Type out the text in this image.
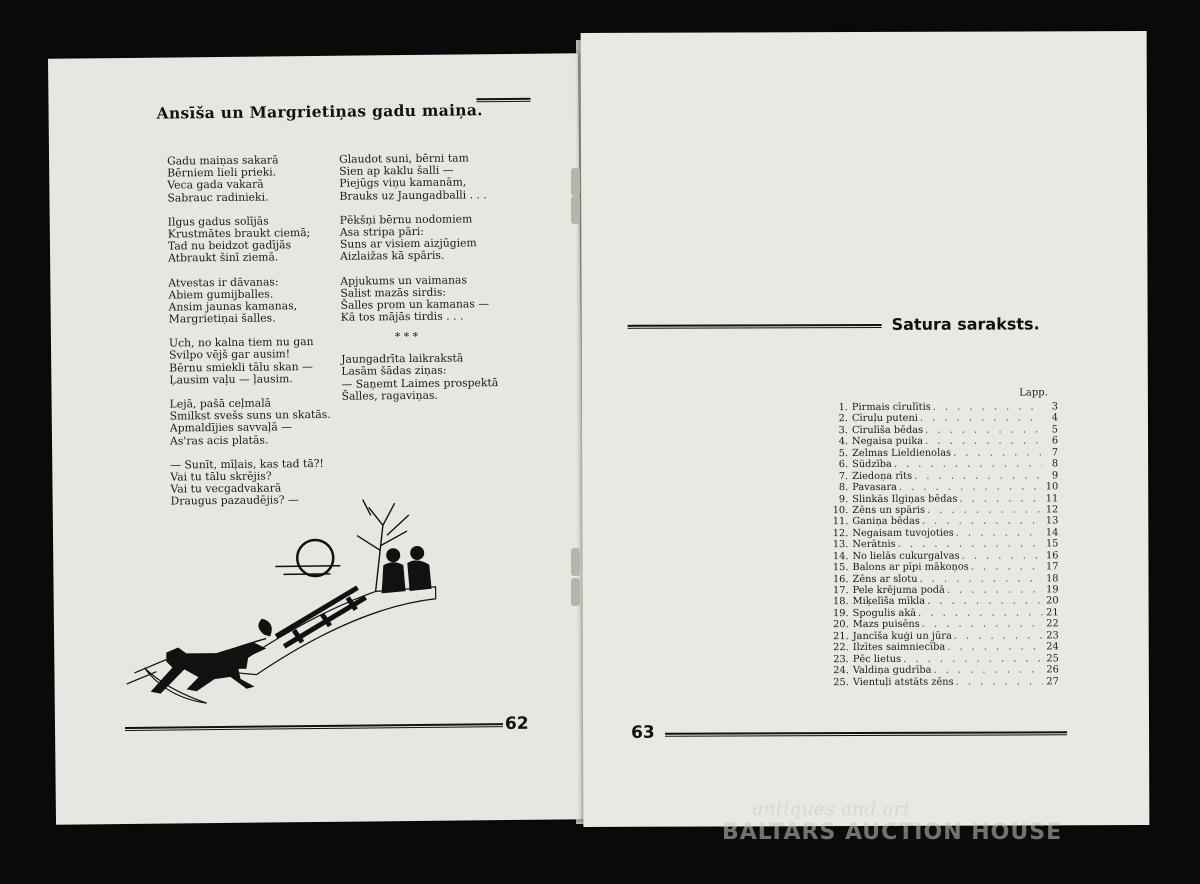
Ansīša un Margrietiņas gadu maiņa.
Gadu maiņas sakarā
Bērniem lieli prieki.
Veca gada vakarā
Sabrauc radinieki.
Ilgus gadus solījās
Krustmātes braukt ciemā;
Tad nu beidzot gadījās
Atbraukt šinī ziemā.
Atvestas ir dāvanas:
Abiem gumijballes.
Ansim jaunas kamanas,
Margrietiņai šalles.
Uch, no kalna tiem nu gan
Svilpo vējš gar ausim!
Bērnu smiekli tālu skan —
Ļausim vaļu — ļausim.
Lejā, pašā ceļmalā
Smilkst svešs suns un skatās.
Apmaldījies savvaļā —
As'ras acis platās.
— Sunīt, mīļais, kas tad tā?!
Vai tu tālu skrējis?
Vai tu vecgadvakarā
Draugus pazaudējis? —
Glaudot suni, bērni tam
Sien ap kaklu šalli —
Piejūgs viņu kamanām,
Brauks uz Jaungadballi . . .
Pēkšņi bērnu nodomiem
Asa stripa pāri:
Suns ar visiem aizjūgiem
Aizlaižas kā spāris.
Apjukums un vaimanas
Salist mazās sirdis:
Šalles prom un kamanas —
Kā tos mājās tirdis . . .
* * *
Jaungadrīta laikrakstā
Lasām šādas ziņas:
— Saņemt Laimes prospektā
Šalles, ragaviņas.
62
Satura saraksts.
Lapp.
1. Pirmais cīrulītis . . .	3
2. Cīruļu puteni . . .	4
3. Cīrulīša bēdas . . .	5
4. Negaisa puika . . .	6
5. Zelmas Lieldienolas . . .	7
6. Sūdzība . . .	8
7. Ziedoņa rīts . . .	9
8. Pavasara . . .	10
9. Slinkās Ilgiņas bēdas . . .	11
10. Zēns un spāris . . .	12
11. Ganiņa bēdas . . .	13
12. Negaisam tuvojoties . . .	14
13. Nerātnis . . .	15
14. No lielās cukurgalvas . . .	16
15. Balons ar pīpi mākoņos . . .	17
16. Zēns ar slotu . . .	18
17. Pele krējuma podā . . .	19
18. Miķelīša mīkla . . .	20
19. Spogulis akā . . .	21
20. Mazs puisēns . . .	22
21. Jancīša kuģi un jūra . . .	23
22. Ilzītes saimniecība . . .	24
23. Pēc lietus . . .	25
24. Valdiņa gudrība . . .	26
25. Vientuļi atstāts zēns . . .	27
63
antiques and art
BALTARS AUCTION HOUSE
